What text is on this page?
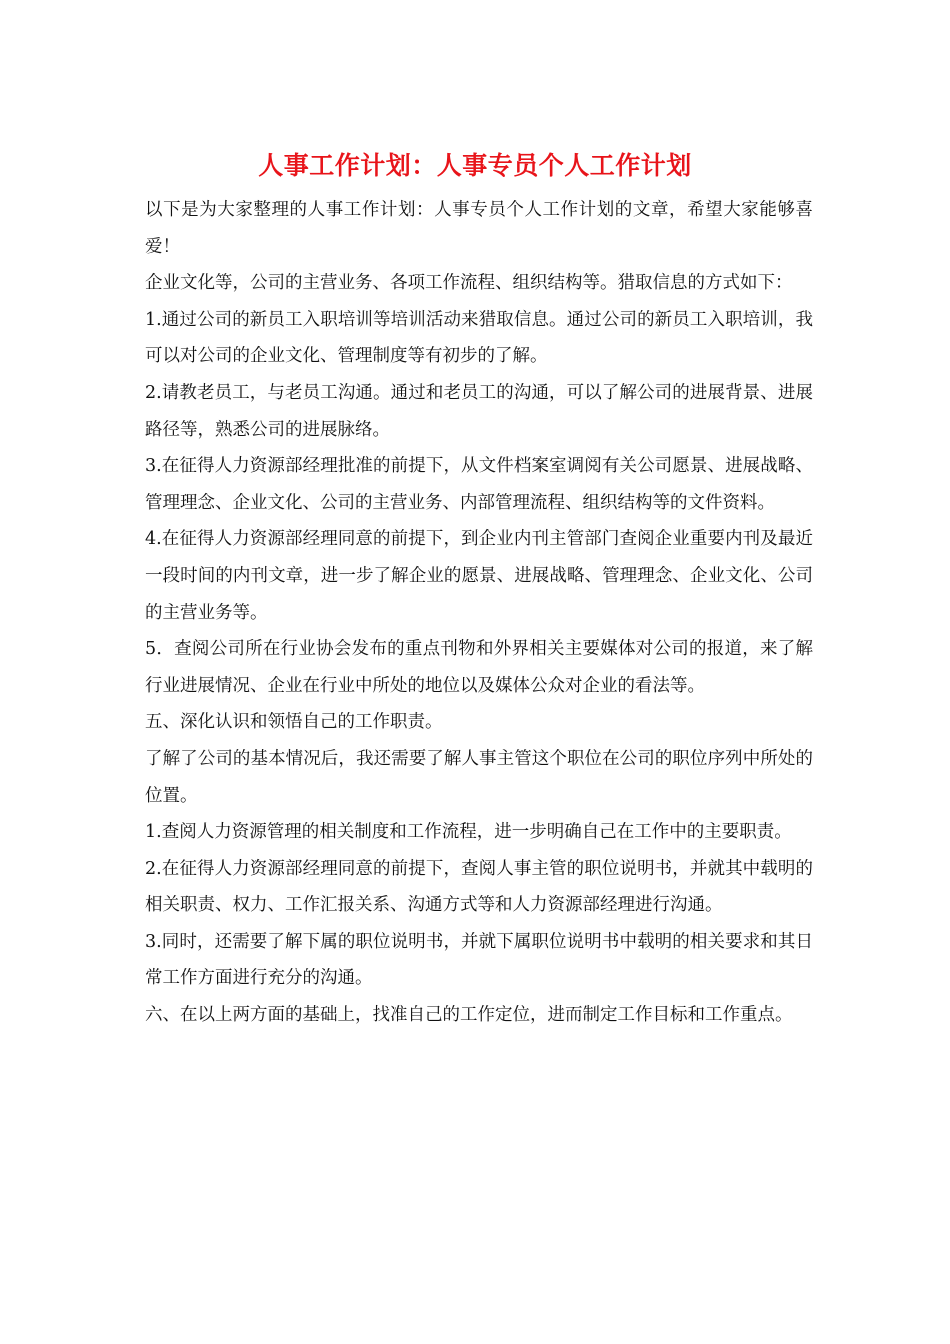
人事工作计划：人事专员个人工作计划

以下是为大家整理的人事工作计划：人事专员个人工作计划的文章，希望大家能够喜爱！

企业文化等，公司的主营业务、各项工作流程、组织结构等。猎取信息的方式如下：

1.通过公司的新员工入职培训等培训活动来猎取信息。通过公司的新员工入职培训，我可以对公司的企业文化、管理制度等有初步的了解。

2.请教老员工，与老员工沟通。通过和老员工的沟通，可以了解公司的进展背景、进展路径等，熟悉公司的进展脉络。

3.在征得人力资源部经理批准的前提下，从文件档案室调阅有关公司愿景、进展战略、管理理念、企业文化、公司的主营业务、内部管理流程、组织结构等的文件资料。

4.在征得人力资源部经理同意的前提下，到企业内刊主管部门查阅企业重要内刊及最近一段时间的内刊文章，进一步了解企业的愿景、进展战略、管理理念、企业文化、公司的主营业务等。

5．查阅公司所在行业协会发布的重点刊物和外界相关主要媒体对公司的报道，来了解行业进展情况、企业在行业中所处的地位以及媒体公众对企业的看法等。

五、深化认识和领悟自己的工作职责。

了解了公司的基本情况后，我还需要了解人事主管这个职位在公司的职位序列中所处的位置。

1.查阅人力资源管理的相关制度和工作流程，进一步明确自己在工作中的主要职责。

2.在征得人力资源部经理同意的前提下，查阅人事主管的职位说明书，并就其中载明的相关职责、权力、工作汇报关系、沟通方式等和人力资源部经理进行沟通。

3.同时，还需要了解下属的职位说明书，并就下属职位说明书中载明的相关要求和其日常工作方面进行充分的沟通。

六、在以上两方面的基础上，找准自己的工作定位，进而制定工作目标和工作重点。
